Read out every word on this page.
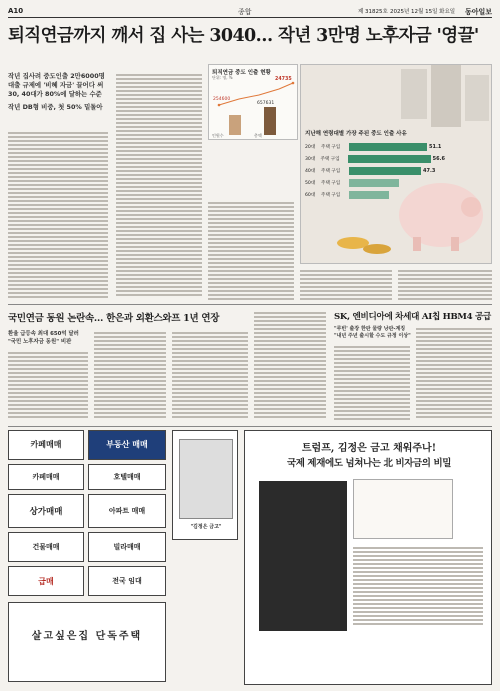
A10	종합	제 31825호 2025년 12월 15일 화요일 동아일보
퇴직연금까지 깨서 집 사는 3040… 작년 3만명 노후자금 '영끌'
작년 집사려 중도인출 2만6000명
대출 규제에 '비혜 자금' 끌어다 써
30, 40대가 80%에 달하는 수준
작년 DB형 비중, 첫 50% 밑돌아
퇴직연금 중도 인출 현황
단위: 명, %
254600
657631
24735
인원수	총액	지난해 연령대별 가장 주된 중도 인출 사유
20대	주택 구입	51.1
30대	주택 구입	56.6
40대	주택 구입	47.3
50대	주택 구입
60대	주택 구입
국민연금 동원 논란속… 한은과 외환스와프 1년 연장
환율 급등속 최대 650억 달러
"국민 노후자금 동원" 비판
SK, 엔비디아에 차세대 AI칩 HBM4 공급
"루빈' 출장 한판 물량 낭판-계징
"내년 주년 출시할 수도 규정 이상"
카페매매	부동산 매매
카페매매	호텔매매
상가매매	아파트 매매
건물매매	빌라매매
급매	전국 임대
살고싶은집 단독주택
"김정은 금고"
트럼프, 김정은 금고 채워주나!
국제 제재에도 넘쳐나는 北 비자금의 비밀
